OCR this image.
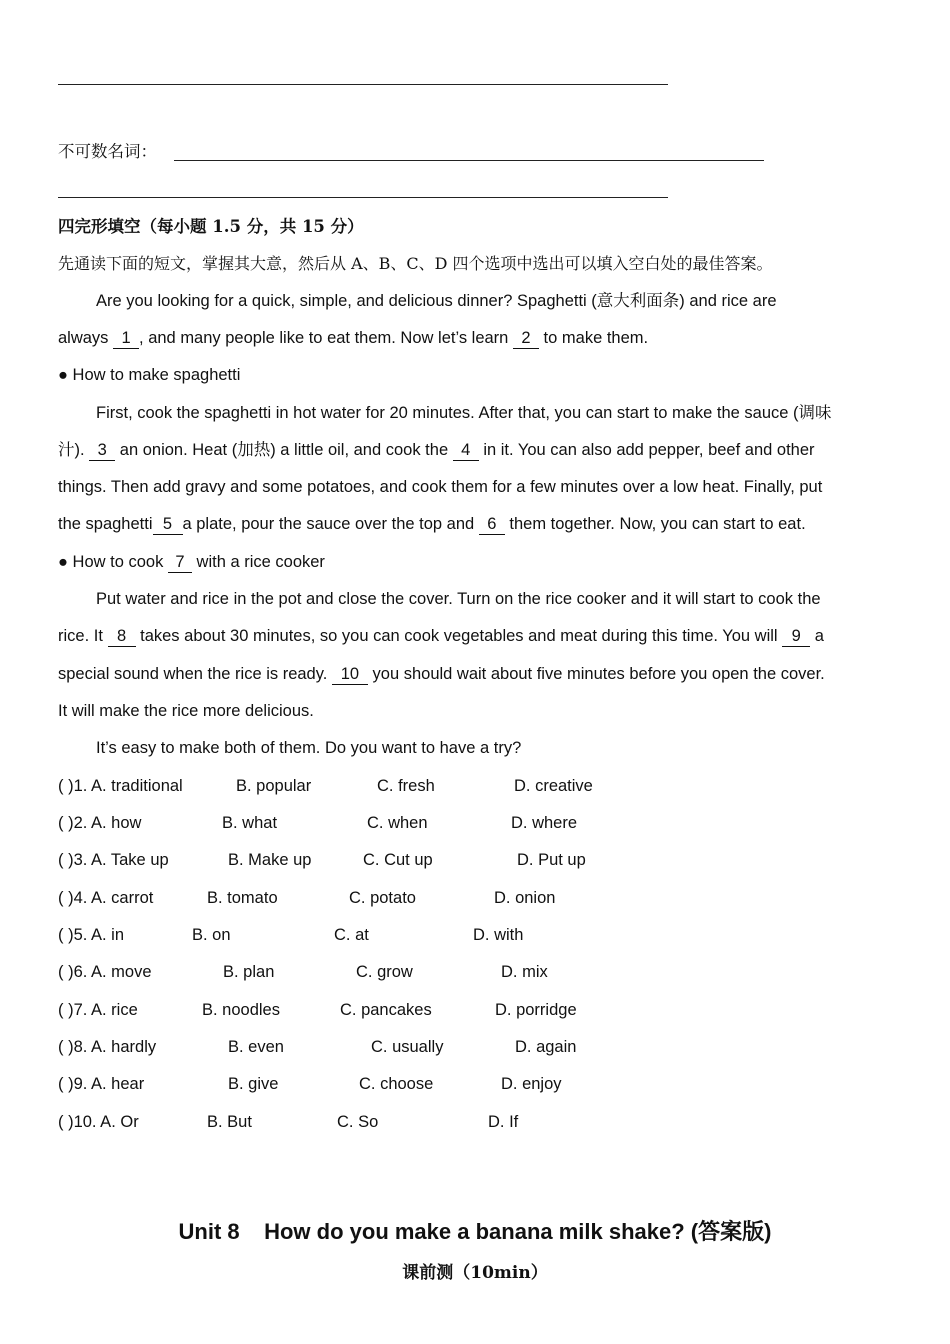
不可数名词：
四完形填空（每小题 1.5 分，共 15 分）
先通读下面的短文，掌握其大意，然后从 A、B、C、D 四个选项中选出可以填入空白处的最佳答案。
Are you looking for a quick, simple, and delicious dinner? Spaghetti (意大利面条) and rice are
always 1 , and many people like to eat them. Now let’s learn 2 to make them.
● How to make spaghetti
First, cook the spaghetti in hot water for 20 minutes. After that, you can start to make the sauce (调味
汁). 3 an onion. Heat (加热) a little oil, and cook the 4 in it. You can also add pepper, beef and other
things. Then add gravy and some potatoes, and cook them for a few minutes over a low heat. Finally, put
the spaghetti 5 a plate, pour the sauce over the top and 6 them together. Now, you can start to eat.
● How to cook 7 with a rice cooker
Put water and rice in the pot and close the cover. Turn on the rice cooker and it will start to cook the
rice. It 8 takes about 30 minutes, so you can cook vegetables and meat during this time. You will 9 a
special sound when the rice is ready. 10 you should wait about five minutes before you open the cover.
It will make the rice more delicious.
It’s easy to make both of them. Do you want to have a try?
( )1. A. traditional	B. popular	C. fresh	D. creative
( )2. A. how	B. what	C. when	D. where
( )3. A. Take up	B. Make up	C. Cut up	D. Put up
( )4. A. carrot	B. tomato	C. potato	D. onion
( )5. A. in	B. on	C. at	D. with
( )6. A. move	B. plan	C. grow	D. mix
( )7. A. rice	B. noodles	C. pancakes	D. porridge
( )8. A. hardly	B. even	C. usually	D. again
( )9. A. hear	B. give	C. choose	D. enjoy
( )10. A. Or	B. But	C. So	D. If
Unit 8    How do you make a banana milk shake? (答案版)
课前测（10min）
